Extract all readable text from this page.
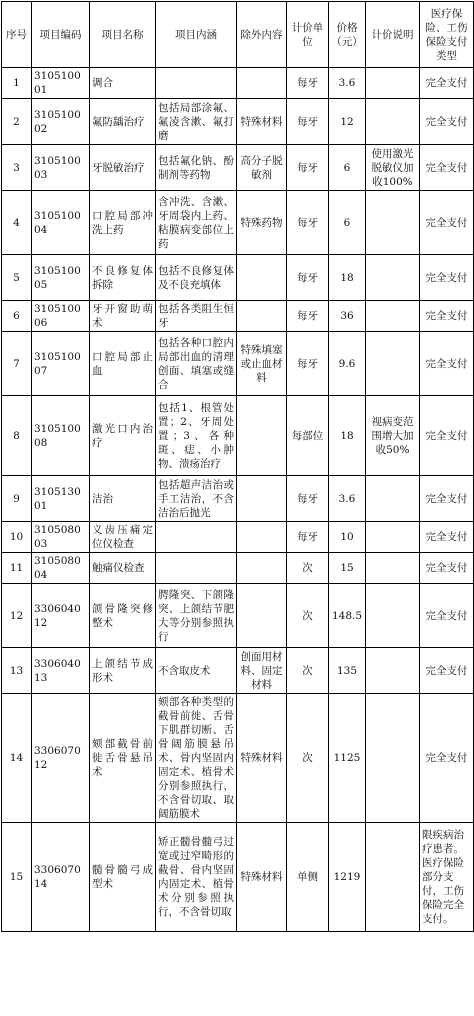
序号	项目编码	项目名称	项目内涵	除外内容	计价单位	价格（元）	计价说明	医疗保险、工伤保险支付类型
1	310510001	调合			每牙	3.6		完全支付
2	310510002	氟防龋治疗	包括局部涂氟、氟凌含漱、氟打磨	特殊材料	每牙	12		完全支付
3	310510003	牙脱敏治疗	包括氟化钠、酚制剂等药物	高分子脱敏剂	每牙	6	使用激光脱敏仪加收100%	完全支付
4	310510004	口腔局部冲洗上药	含冲洗、含漱、牙周袋内上药、粘膜病变部位上药	特殊药物	每牙	6		完全支付
5	310510005	不良修复体拆除	包括不良修复体及不良充填体		每牙	18		完全支付
6	310510006	牙开窗助萌术	包括各类阻生恒牙		每牙	36		完全支付
7	310510007	口腔局部止血	包括各种口腔内局部出血的清理创面、填塞或缝合	特殊填塞或止血材料	每牙	9.6		完全支付
8	310510008	激光口内治疗	包括1、根管处置；2、牙周处置；3、各种斑、痣、小肿物、溃疡治疗		每部位	18	视病变范围增大加收50%	完全支付
9	310513001	洁治	包括超声洁治或手工洁治，不含洁治后抛光		每牙	3.6		完全支付
10	310508003	义齿压痛定位仪检查			每牙	10		完全支付
11	310508004	触痛仪检查			次	15		完全支付
12	330604012	颌骨隆突修整术	腭隆突、下颌隆突、上颌结节肥大等分别参照执行		次	148.5		完全支付
13	330604013	上颌结节成形术	不含取皮术	创面用材料、固定材料	次	135		完全支付
14	330607012	颏部截骨前徙舌骨悬吊术	颏部各种类型的截骨前徙、舌骨下肌群切断、舌骨阔筋膜悬吊术、骨内坚固内固定术、植骨术分别参照执行，不含骨切取、取阔筋膜术	特殊材料	次	1125		完全支付
15	330607014	髓骨髓弓成型术	矫正髓骨髓弓过宽或过窄畸形的截骨、骨内坚固内固定术、植骨术分别参照执行，不含骨切取	特殊材料	单侧	1219		限疾病治疗患者。医疗保险部分支付，工伤保险完全支付。
